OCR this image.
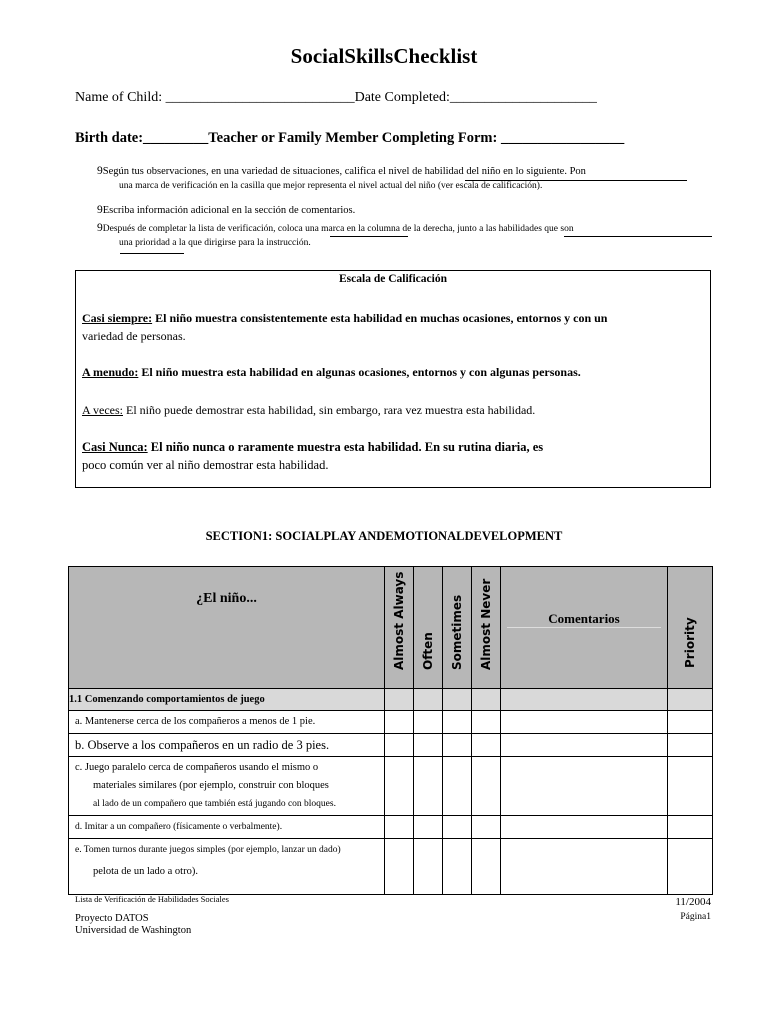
SocialSkillsChecklist
Name of Child: ___________________________Date Completed:_____________________
Birth date:_________Teacher or Family Member Completing Form: _________________
9Según tus observaciones, en una variedad de situaciones, califica el nivel de habilidad del niño en lo siguiente. Pon
una marca de verificación en la casilla que mejor representa el nivel actual del niño (ver escala de calificación).
9Escriba información adicional en la sección de comentarios.
9Después de completar la lista de verificación, coloca una marca en la columna de la derecha, junto a las habilidades que son
una prioridad a la que dirigirse para la instrucción.
Escala de Calificación
Casi siempre: El niño muestra consistentemente esta habilidad en muchas ocasiones, entornos y con un
variedad de personas.
A menudo: El niño muestra esta habilidad en algunas ocasiones, entornos y con algunas personas.
A veces: El niño puede demostrar esta habilidad, sin embargo, rara vez muestra esta habilidad.
Casi Nunca: El niño nunca o raramente muestra esta habilidad. En su rutina diaria, es
poco común ver al niño demostrar esta habilidad.
SECTION1: SOCIALPLAY ANDEMOTIONALDEVELOPMENT
¿El niño...	Almost Always	Often	Sometimes	Almost Never	Comentarios	Priority

1.1 Comenzando comportamientos de juego						
a. Mantenerse cerca de los compañeros a menos de 1 pie.						
b. Observe a los compañeros en un radio de 3 pies.						
c. Juego paralelo cerca de compañeros usando el mismo o
materiales similares (por ejemplo, construir con bloques
al lado de un compañero que también está jugando con bloques.						

d. Imitar a un compañero (físicamente o verbalmente).						
e. Tomen turnos durante juegos simples (por ejemplo, lanzar un dado)
pelota de un lado a otro).						

Lista de Verificación de Habilidades Sociales
Proyecto DATOS
Universidad de Washington
11/2004
Página1
